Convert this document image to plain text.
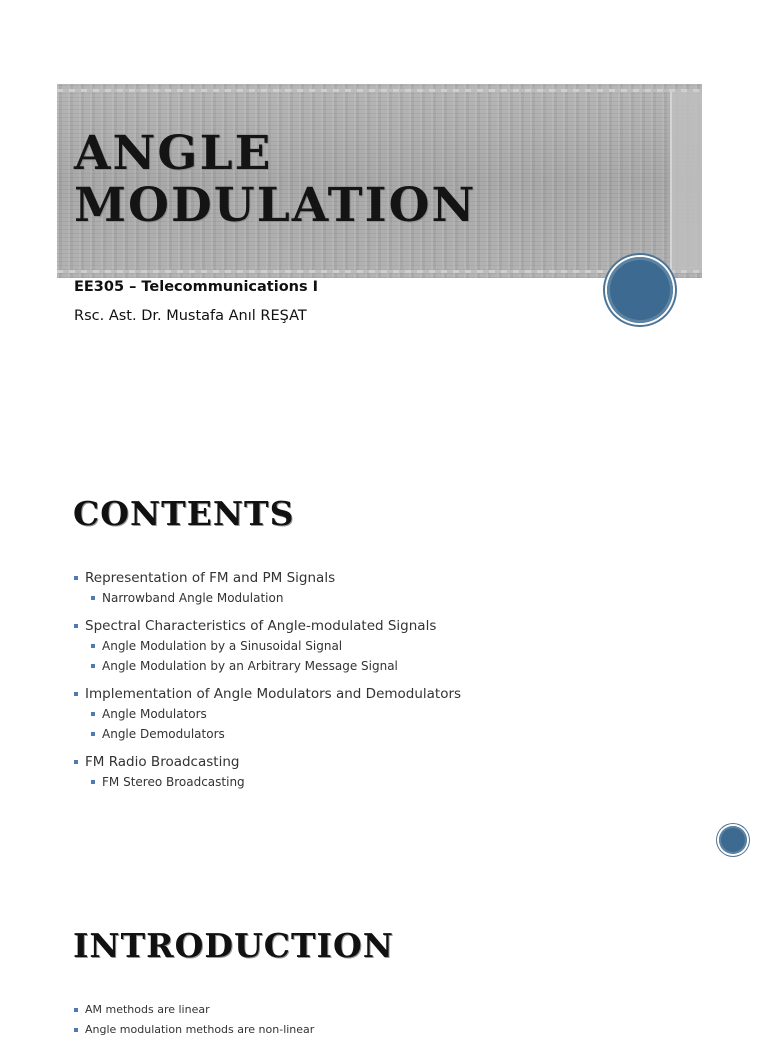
ANGLE
MODULATION

EE305 – Telecommunications I

Rsc. Ast. Dr. Mustafa Anıl REŞAT

CONTENTS
Representation of FM and PM Signals
Narrowband Angle Modulation
Spectral Characteristics of Angle-modulated Signals
Angle Modulation by a Sinusoidal Signal
Angle Modulation by an Arbitrary Message Signal
Implementation of Angle Modulators and Demodulators
Angle Modulators
Angle Demodulators
FM Radio Broadcasting
FM Stereo Broadcasting
INTRODUCTION
AM methods are linear
Angle modulation methods are non-linear
